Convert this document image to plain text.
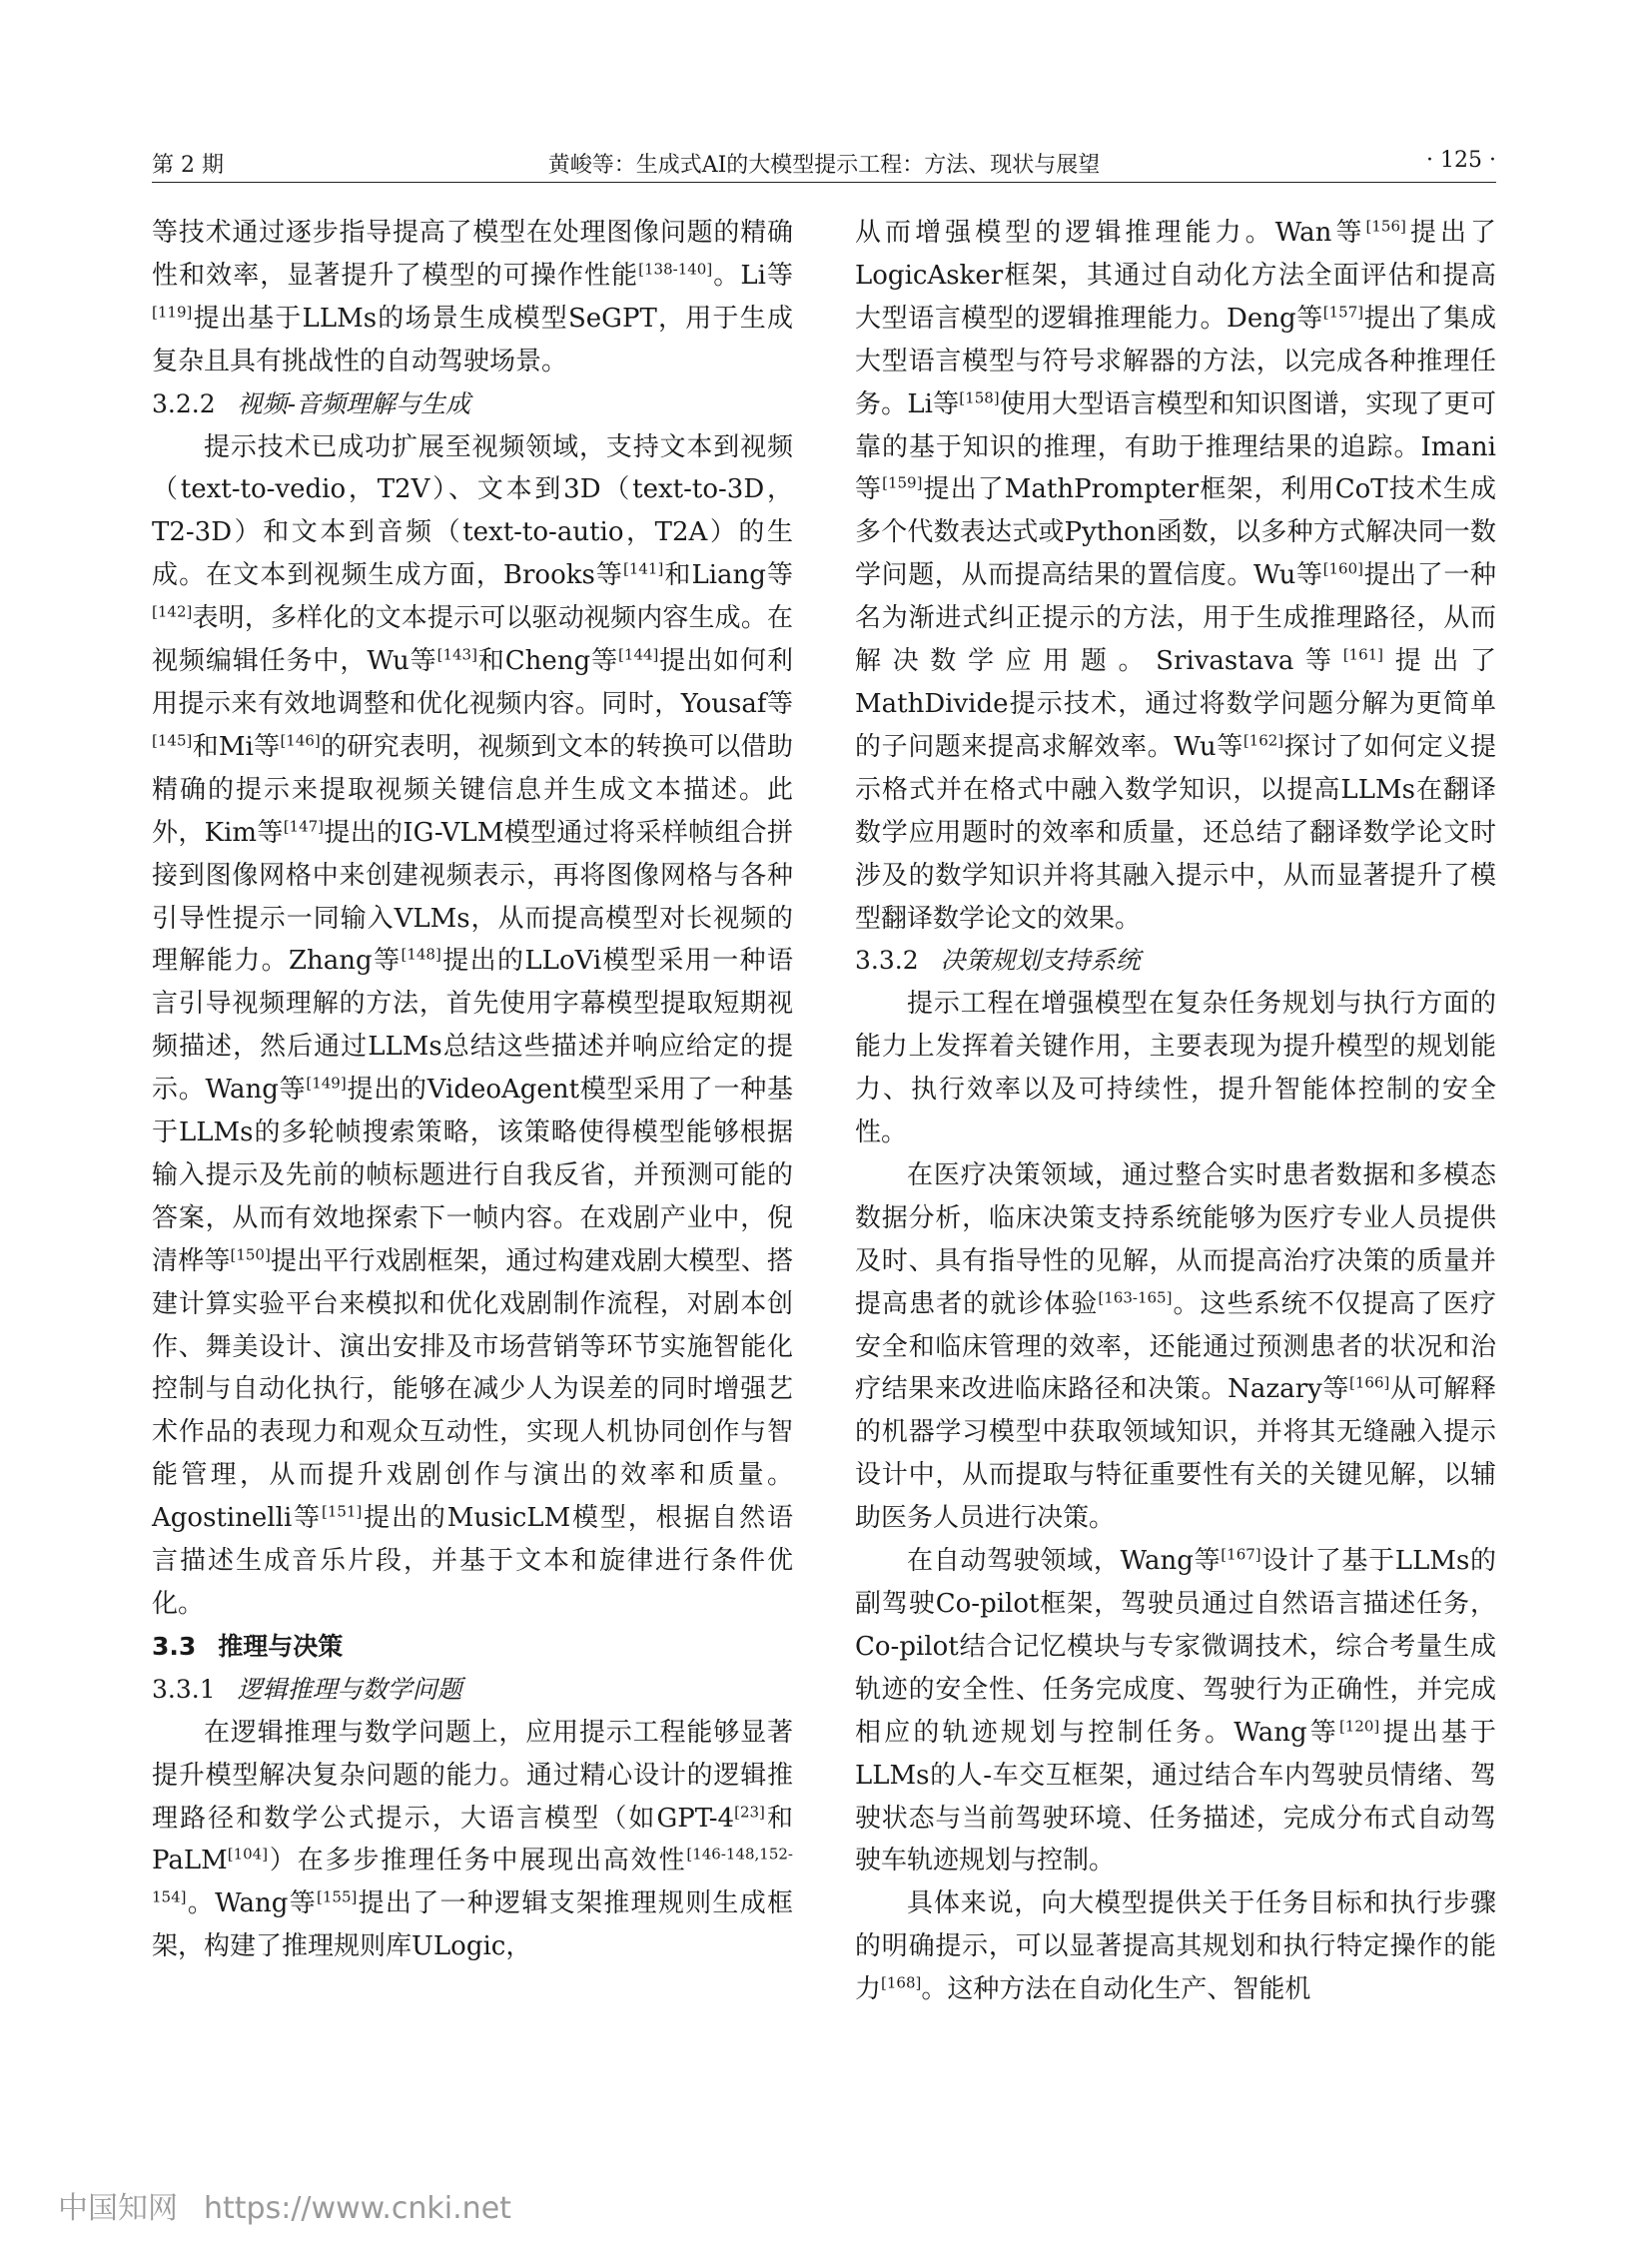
第 2 期	黄峻等：生成式AI的大模型提示工程：方法、现状与展望	· 125 ·

等技术通过逐步指导提高了模型在处理图像问题的精确性和效率，显著提升了模型的可操作性能[138-140]。Li等[119]提出基于LLMs的场景生成模型SeGPT，用于生成复杂且具有挑战性的自动驾驶场景。

3.2.2 视频-音频理解与生成

提示技术已成功扩展至视频领域，支持文本到视频（text-to-vedio，T2V）、文本到3D（text-to-3D，T2-3D）和文本到音频（text-to-autio，T2A）的生成。在文本到视频生成方面，Brooks等[141]和Liang等[142]表明，多样化的文本提示可以驱动视频内容生成。在视频编辑任务中，Wu等[143]和Cheng等[144]提出如何利用提示来有效地调整和优化视频内容。同时，Yousaf等[145]和Mi等[146]的研究表明，视频到文本的转换可以借助精确的提示来提取视频关键信息并生成文本描述。此外，Kim等[147]提出的IG-VLM模型通过将采样帧组合拼接到图像网格中来创建视频表示，再将图像网格与各种引导性提示一同输入VLMs，从而提高模型对长视频的理解能力。Zhang等[148]提出的LLoVi模型采用一种语言引导视频理解的方法，首先使用字幕模型提取短期视频描述，然后通过LLMs总结这些描述并响应给定的提示。Wang等[149]提出的VideoAgent模型采用了一种基于LLMs的多轮帧搜索策略，该策略使得模型能够根据输入提示及先前的帧标题进行自我反省，并预测可能的答案，从而有效地探索下一帧内容。在戏剧产业中，倪清桦等[150]提出平行戏剧框架，通过构建戏剧大模型、搭建计算实验平台来模拟和优化戏剧制作流程，对剧本创作、舞美设计、演出安排及市场营销等环节实施智能化控制与自动化执行，能够在减少人为误差的同时增强艺术作品的表现力和观众互动性，实现人机协同创作与智能管理，从而提升戏剧创作与演出的效率和质量。Agostinelli等[151]提出的MusicLM模型，根据自然语言描述生成音乐片段，并基于文本和旋律进行条件优化。

3.3 推理与决策
3.3.1 逻辑推理与数学问题

在逻辑推理与数学问题上，应用提示工程能够显著提升模型解决复杂问题的能力。通过精心设计的逻辑推理路径和数学公式提示，大语言模型（如GPT-4[23]和PaLM[104]）在多步推理任务中展现出高效性[146-148,152-154]。Wang等[155]提出了一种逻辑支架推理规则生成框架，构建了推理规则库ULogic，

从而增强模型的逻辑推理能力。Wan等[156]提出了LogicAsker框架，其通过自动化方法全面评估和提高大型语言模型的逻辑推理能力。Deng等[157]提出了集成大型语言模型与符号求解器的方法，以完成各种推理任务。Li等[158]使用大型语言模型和知识图谱，实现了更可靠的基于知识的推理，有助于推理结果的追踪。Imani等[159]提出了MathPrompter框架，利用CoT技术生成多个代数表达式或Python函数，以多种方式解决同一数学问题，从而提高结果的置信度。Wu等[160]提出了一种名为渐进式纠正提示的方法，用于生成推理路径，从而解决数学应用题。Srivastava等[161]提出了MathDivide提示技术，通过将数学问题分解为更简单的子问题来提高求解效率。Wu等[162]探讨了如何定义提示格式并在格式中融入数学知识，以提高LLMs在翻译数学应用题时的效率和质量，还总结了翻译数学论文时涉及的数学知识并将其融入提示中，从而显著提升了模型翻译数学论文的效果。

3.3.2 决策规划支持系统

提示工程在增强模型在复杂任务规划与执行方面的能力上发挥着关键作用，主要表现为提升模型的规划能力、执行效率以及可持续性，提升智能体控制的安全性。

在医疗决策领域，通过整合实时患者数据和多模态数据分析，临床决策支持系统能够为医疗专业人员提供及时、具有指导性的见解，从而提高治疗决策的质量并提高患者的就诊体验[163-165]。这些系统不仅提高了医疗安全和临床管理的效率，还能通过预测患者的状况和治疗结果来改进临床路径和决策。Nazary等[166]从可解释的机器学习模型中获取领域知识，并将其无缝融入提示设计中，从而提取与特征重要性有关的关键见解，以辅助医务人员进行决策。

在自动驾驶领域，Wang等[167]设计了基于LLMs的副驾驶Co-pilot框架，驾驶员通过自然语言描述任务，Co-pilot结合记忆模块与专家微调技术，综合考量生成轨迹的安全性、任务完成度、驾驶行为正确性，并完成相应的轨迹规划与控制任务。Wang等[120]提出基于LLMs的人-车交互框架，通过结合车内驾驶员情绪、驾驶状态与当前驾驶环境、任务描述，完成分布式自动驾驶车轨迹规划与控制。

具体来说，向大模型提供关于任务目标和执行步骤的明确提示，可以显著提高其规划和执行特定操作的能力[168]。这种方法在自动化生产、智能机

中国知网 https://www.cnki.net
